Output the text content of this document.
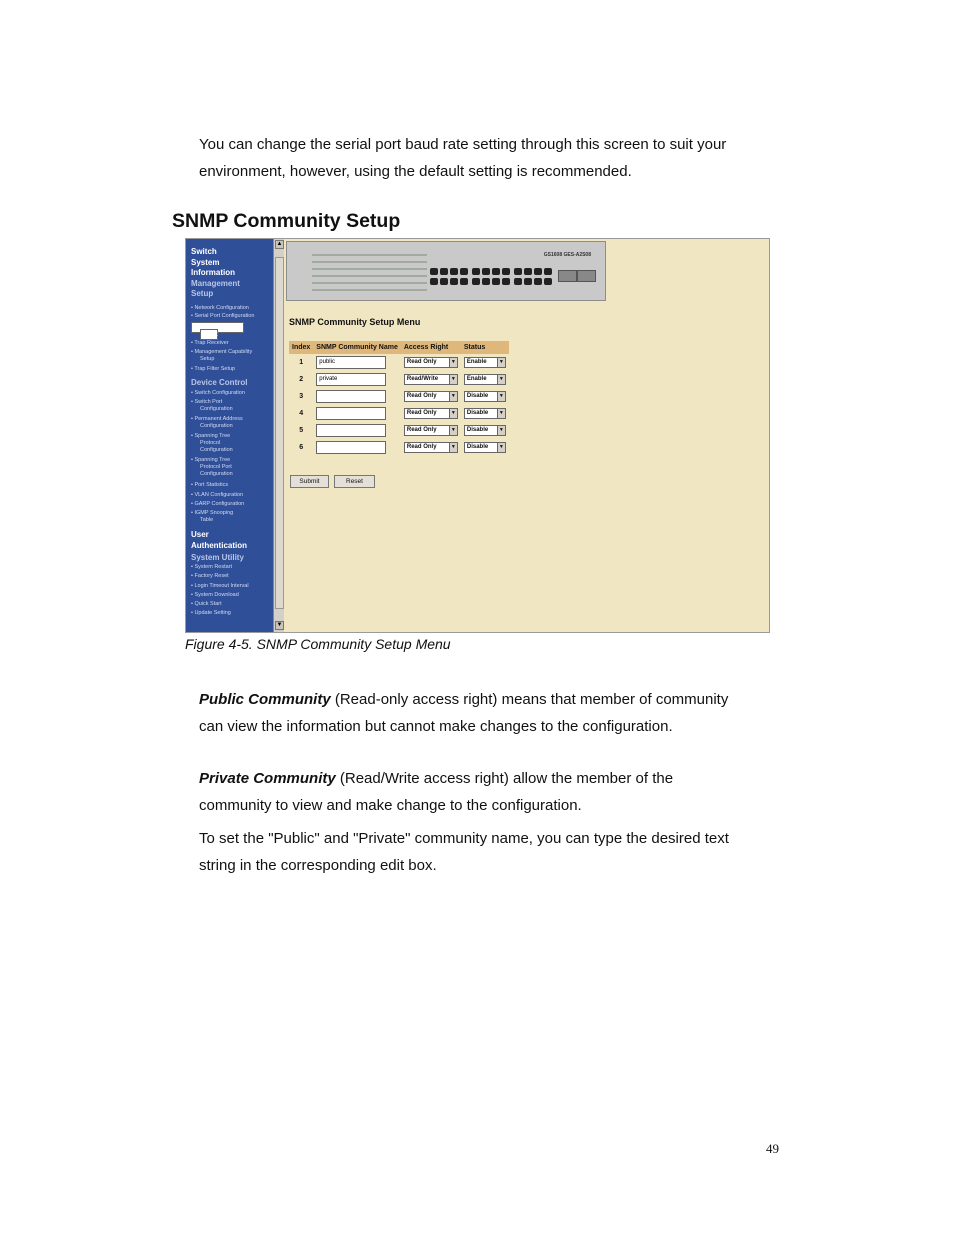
You can change the serial port baud rate setting through this screen to suit your
environment, however, using the default setting is recommended.

SNMP Community Setup
Switch
System
Information
Management
Setup
Device Control
User
Authentication
System Utility
• Network Configuration
• Serial Port Configuration
• SNMP Community
Setup
• Trap Receiver
• Management Capability
Setup
• Trap Filter Setup
• Switch Configuration
• Switch Port
Configuration
• Permanent Address
Configuration
• Spanning Tree
Protocol
Configuration
• Spanning Tree
Protocol Port
Configuration
• Port Statistics
• VLAN Configuration
• GARP Configuration
• IGMP Snooping
Table
• System Restart
• Factory Reset
• Login Timeout Interval
• System Download
• Quick Start
• Update Setting
▲
▼
GS1608 GES-A2S08
SNMP Community Setup Menu
Index	SNMP Community Name	Access Right	Status
1	public	Read Only ▼	Enable ▼

2	private	Read/Write ▼	Enable ▼

3		Read Only ▼	Disable ▼

4		Read Only ▼	Disable ▼

5		Read Only ▼	Disable ▼

6		Read Only ▼	Disable ▼
Submit	Reset
Figure 4-5. SNMP Community Setup Menu

Public Community (Read-only access right) means that member of community
can view the information but cannot make changes to the configuration.

Private Community (Read/Write access right) allow the member of the
community to view and make change to the configuration.

To set the "Public" and "Private" community name, you can type the desired text
string in the corresponding edit box.

49
